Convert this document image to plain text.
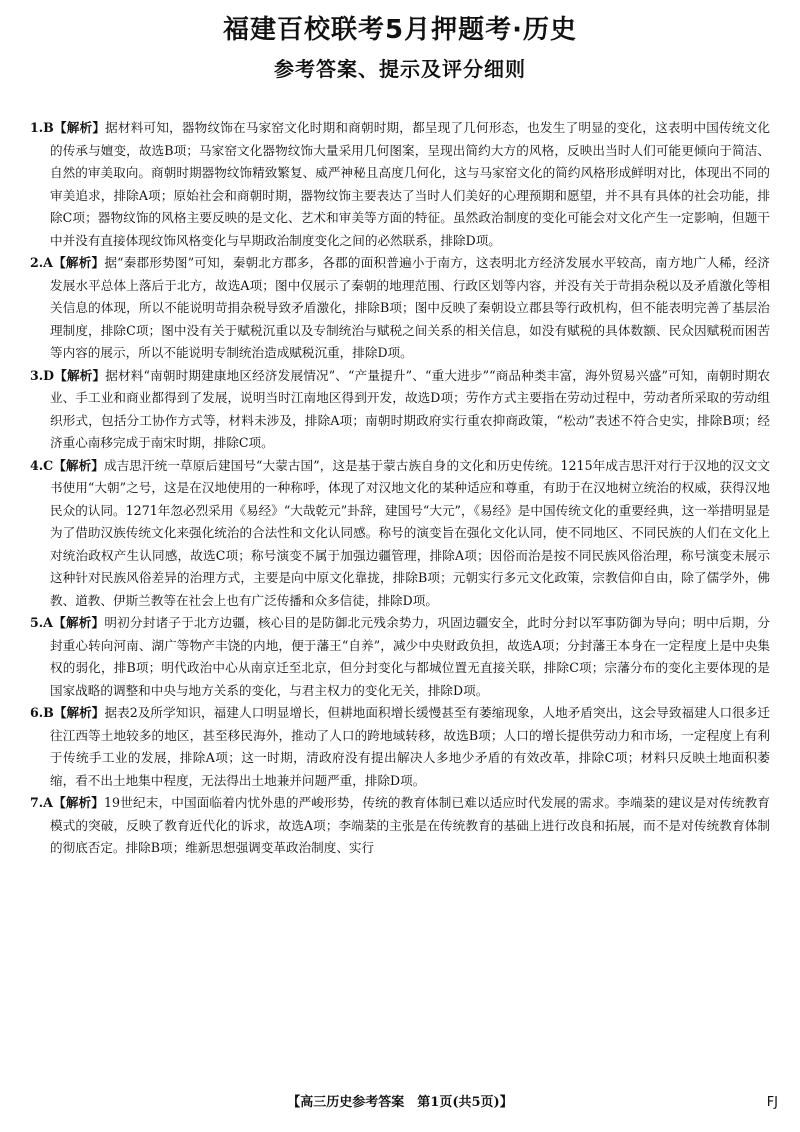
福建百校联考5月押题考·历史
参考答案、提示及评分细则
1.B【解析】据材料可知，器物纹饰在马家窑文化时期和商朝时期，都呈现了几何形态，也发生了明显的变化，这表明中国传统文化的传承与嬗变，故选B项；马家窑文化器物纹饰大量采用几何图案，呈现出简约大方的风格，反映出当时人们可能更倾向于简洁、自然的审美取向。商朝时期器物纹饰精致繁复、威严神秘且高度几何化，这与马家窑文化的简约风格形成鲜明对比，体现出不同的审美追求，排除A项；原始社会和商朝时期，器物纹饰主要表达了当时人们美好的心理预期和愿望，并不具有具体的社会功能，排除C项；器物纹饰的风格主要反映的是文化、艺术和审美等方面的特征。虽然政治制度的变化可能会对文化产生一定影响，但题干中并没有直接体现纹饰风格变化与早期政治制度变化之间的必然联系，排除D项。
2.A【解析】据“秦郡形势图”可知，秦朝北方郡多，各郡的面积普遍小于南方，这表明北方经济发展水平较高，南方地广人稀，经济发展水平总体上落后于北方，故选A项；图中仅展示了秦朝的地理范围、行政区划等内容，并没有关于苛捐杂税以及矛盾激化等相关信息的体现，所以不能说明苛捐杂税导致矛盾激化，排除B项；图中反映了秦朝设立郡县等行政机构，但不能表明完善了基层治理制度，排除C项；图中没有关于赋税沉重以及专制统治与赋税之间关系的相关信息，如没有赋税的具体数额、民众因赋税而困苦等内容的展示，所以不能说明专制统治造成赋税沉重，排除D项。
3.D【解析】据材料“南朝时期建康地区经济发展情况”、“产量提升”、“重大进步”“商品种类丰富，海外贸易兴盛”可知，南朝时期农业、手工业和商业都得到了发展，说明当时江南地区得到开发，故选D项；劳作方式主要指在劳动过程中，劳动者所采取的劳动组织形式，包括分工协作方式等，材料未涉及，排除A项；南朝时期政府实行重农抑商政策，“松动”表述不符合史实，排除B项；经济重心南移完成于南宋时期，排除C项。
4.C【解析】成吉思汗统一草原后建国号“大蒙古国”，这是基于蒙古族自身的文化和历史传统。1215年成吉思汗对行于汉地的汉文文书使用“大朝”之号，这是在汉地使用的一种称呼，体现了对汉地文化的某种适应和尊重，有助于在汉地树立统治的权威，获得汉地民众的认同。1271年忽必烈采用《易经》“大哉乾元”卦辞，建国号“大元”，《易经》是中国传统文化的重要经典，这一举措明显是为了借助汉族传统文化来强化统治的合法性和文化认同感。称号的演变旨在强化文化认同，使不同地区、不同民族的人们在文化上对统治政权产生认同感，故选C项；称号演变不属于加强边疆管理，排除A项；因俗而治是按不同民族风俗治理，称号演变未展示这种针对民族风俗差异的治理方式，主要是向中原文化靠拢，排除B项；元朝实行多元文化政策，宗教信仰自由，除了儒学外，佛教、道教、伊斯兰教等在社会上也有广泛传播和众多信徒，排除D项。
5.A【解析】明初分封诸子于北方边疆，核心目的是防御北元残余势力，巩固边疆安全，此时分封以军事防御为导向；明中后期，分封重心转向河南、湖广等物产丰饶的内地，便于藩王“自养”，减少中央财政负担，故选A项；分封藩王本身在一定程度上是中央集权的弱化，排B项；明代政治中心从南京迁至北京，但分封变化与都城位置无直接关联，排除C项；宗藩分布的变化主要体现的是国家战略的调整和中央与地方关系的变化，与君主权力的变化无关，排除D项。
6.B【解析】据表2及所学知识，福建人口明显增长，但耕地面积增长缓慢甚至有萎缩现象，人地矛盾突出，这会导致福建人口很多迁往江西等土地较多的地区，甚至移民海外，推动了人口的跨地域转移，故选B项；人口的增长提供劳动力和市场，一定程度上有利于传统手工业的发展，排除A项；这一时期，清政府没有提出解决人多地少矛盾的有效改革，排除C项；材料只反映土地面积萎缩，看不出土地集中程度，无法得出土地兼并问题严重，排除D项。
7.A【解析】19世纪末，中国面临着内忧外患的严峻形势，传统的教育体制已难以适应时代发展的需求。李端棻的建议是对传统教育模式的突破，反映了教育近代化的诉求，故选A项；李端棻的主张是在传统教育的基础上进行改良和拓展，而不是对传统教育体制的彻底否定。排除B项；维新思想强调变革政治制度、实行
【高三历史参考答案　第1页(共5页)】	FJ
